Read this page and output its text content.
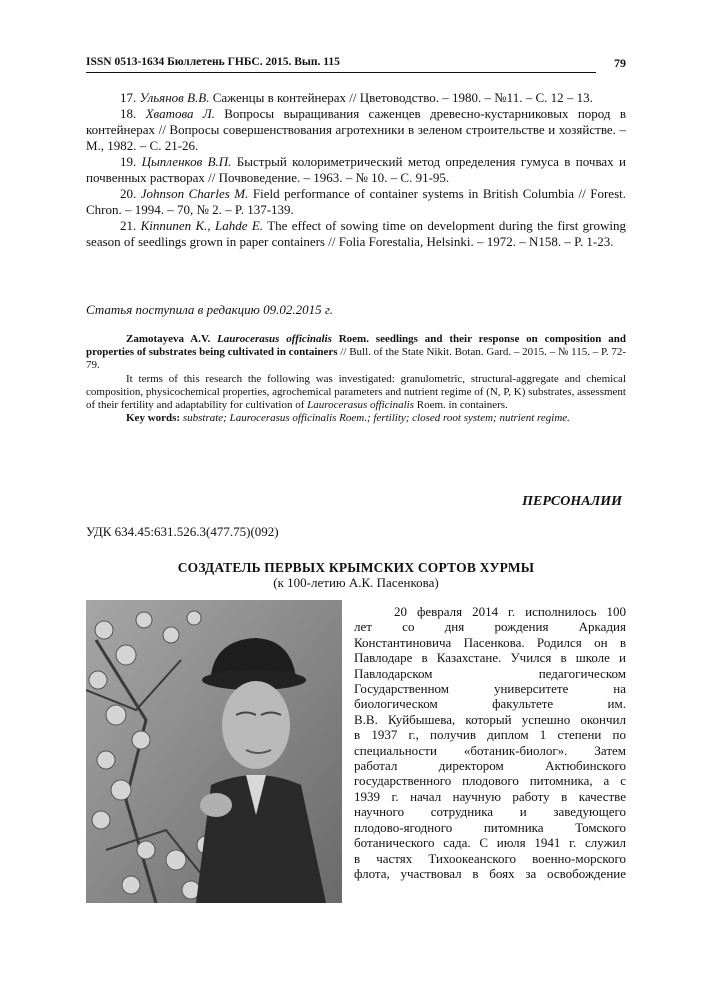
ISSN 0513-1634 Бюллетень ГНБС. 2015. Вып. 115	79

17. Ульянов В.В. Саженцы в контейнерах // Цветоводство. – 1980. – №11. – С. 12 – 13.

18. Хватова Л. Вопросы выращивания саженцев древесно-кустарниковых пород в контейнерах // Вопросы совершенствования агротехники в зеленом строительстве и хозяйстве. – М., 1982. – С. 21-26.

19. Цыпленков В.П. Быстрый колориметрический метод определения гумуса в почвах и почвенных растворах // Почвоведение. – 1963. – № 10. – С. 91-95.

20. Johnson Charles M. Field performance of container systems in British Columbia // Forest. Chron. – 1994. – 70, № 2. – P. 137-139.

21. Kinnunen K., Lahde E. The effect of sowing time on development during the first growing season of seedlings grown in paper containers // Folia Forestalia, Helsinki. – 1972. – N158. – P. 1-23.

Статья поступила в редакцию 09.02.2015 г.

Zamotayeva A.V. Laurocerasus officinalis Roem. seedlings and their response on composition and properties of substrates being cultivated in containers // Bull. of the State Nikit. Botan. Gard. – 2015. – № 115. – P. 72-79.

It terms of this research the following was investigated: granulometric, structural-aggregate and chemical composition, physicochemical properties, agrochemical parameters and nutrient regime of (N, P, K) substrates, assessment of their fertility and adaptability for cultivation of Laurocerasus officinalis Roem. in containers.

Key words: substrate; Laurocerasus officinalis Roem.; fertility; closed root system; nutrient regime.

ПЕРСОНАЛИИ
УДК 634.45:631.526.3(477.75)(092)
СОЗДАТЕЛЬ ПЕРВЫХ КРЫМСКИХ СОРТОВ ХУРМЫ
(к 100-летию А.К. Пасенкова)
20 февраля 2014 г. исполнилось 100
лет со дня рождения Аркадия
Константиновича Пасенкова. Родился он в
Павлодаре в Казахстане. Учился в школе и
Павлодарском педагогическом
Государственном университете на
биологическом факультете им.
В.В. Куйбышева, который успешно окончил
в 1937 г., получив диплом 1 степени по
специальности «ботаник-биолог». Затем
работал директором Актюбинского
государственного плодового питомника, а с
1939 г. начал научную работу в качестве
научного сотрудника и заведующего
плодово-ягодного питомника Томского
ботанического сада. С июля 1941 г. служил
в частях Тихоокеанского военно-морского
флота, участвовал в боях за освобождение
